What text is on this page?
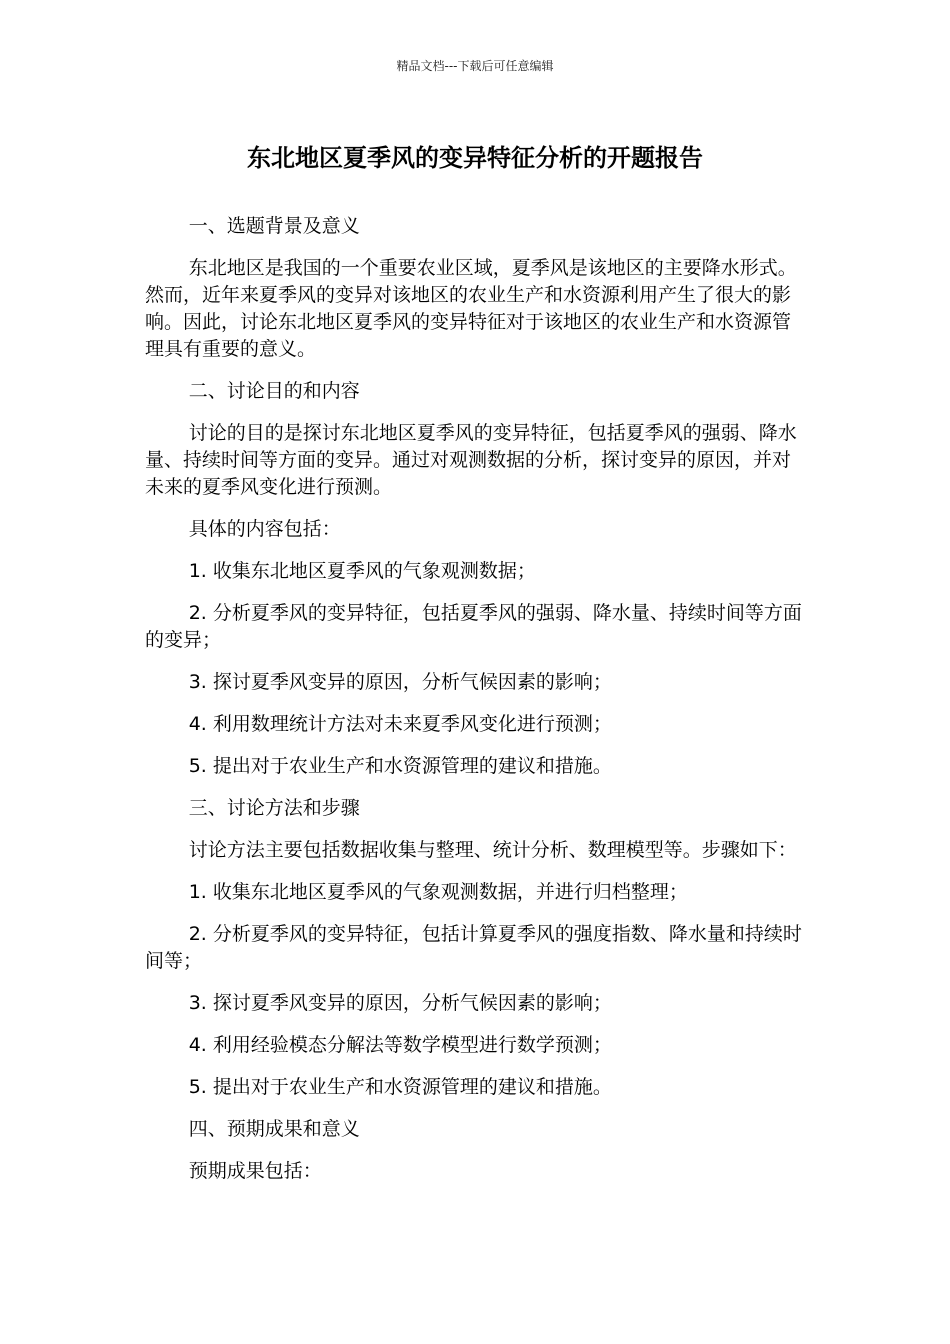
精品文档---下载后可任意编辑
东北地区夏季风的变异特征分析的开题报告

一、选题背景及意义

东北地区是我国的一个重要农业区域，夏季风是该地区的主要降水形式。然而，近年来夏季风的变异对该地区的农业生产和水资源利用产生了很大的影响。因此，讨论东北地区夏季风的变异特征对于该地区的农业生产和水资源管理具有重要的意义。

二、讨论目的和内容

讨论的目的是探讨东北地区夏季风的变异特征，包括夏季风的强弱、降水量、持续时间等方面的变异。通过对观测数据的分析，探讨变异的原因，并对未来的夏季风变化进行预测。

具体的内容包括：

1. 收集东北地区夏季风的气象观测数据；

2. 分析夏季风的变异特征，包括夏季风的强弱、降水量、持续时间等方面的变异；

3. 探讨夏季风变异的原因，分析气候因素的影响；

4. 利用数理统计方法对未来夏季风变化进行预测；

5. 提出对于农业生产和水资源管理的建议和措施。

三、讨论方法和步骤

讨论方法主要包括数据收集与整理、统计分析、数理模型等。步骤如下：

1. 收集东北地区夏季风的气象观测数据，并进行归档整理；

2. 分析夏季风的变异特征，包括计算夏季风的强度指数、降水量和持续时间等；

3. 探讨夏季风变异的原因，分析气候因素的影响；

4. 利用经验模态分解法等数学模型进行数学预测；

5. 提出对于农业生产和水资源管理的建议和措施。

四、预期成果和意义

预期成果包括：
